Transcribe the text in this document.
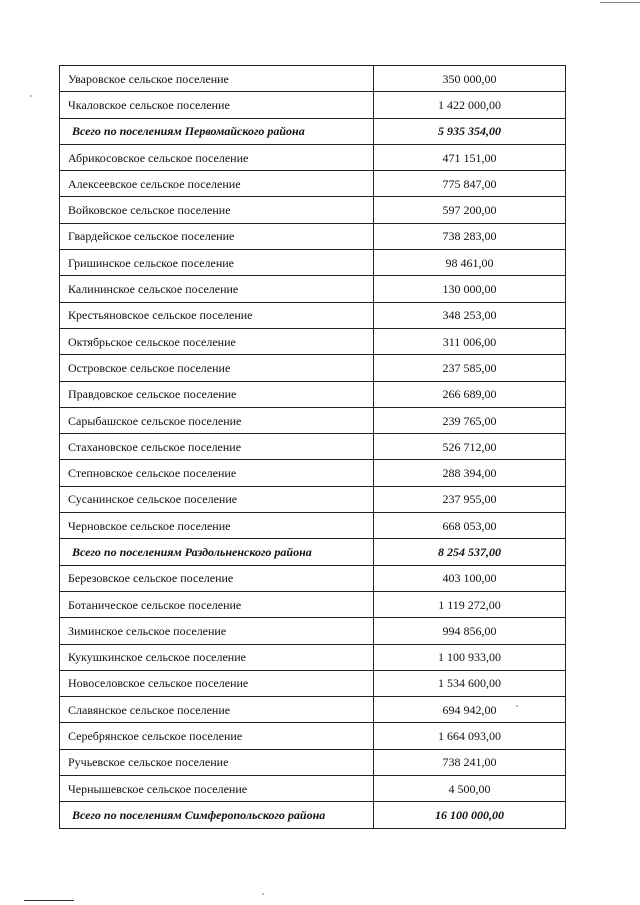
Уваровское сельское поселение	350 000,00
Чкаловское сельское поселение	1 422 000,00
Всего по поселениям Первомайского района	5 935 354,00
Абрикосовское сельское поселение	471 151,00
Алексеевское сельское поселение	775 847,00
Войковское сельское поселение	597 200,00
Гвардейское сельское поселение	738 283,00
Гришинское сельское поселение	98 461,00
Калининское сельское поселение	130 000,00
Крестьяновское сельское поселение	348 253,00
Октябрьское сельское поселение	311 006,00
Островское сельское поселение	237 585,00
Правдовское сельское поселение	266 689,00
Сарыбашское сельское поселение	239 765,00
Стахановское сельское поселение	526 712,00
Степновское сельское поселение	288 394,00
Сусанинское сельское поселение	237 955,00
Черновское сельское поселение	668 053,00
Всего по поселениям Раздольненского района	8 254 537,00
Березовское сельское поселение	403 100,00
Ботаническое сельское поселение	1 119 272,00
Зиминское сельское поселение	994 856,00
Кукушкинское сельское поселение	1 100 933,00
Новоселовское сельское поселение	1 534 600,00
Славянское сельское поселение	694 942,00
Серебрянское сельское поселение	1 664 093,00
Ручьевское сельское поселение	738 241,00
Чернышевское сельское поселение	4 500,00
Всего по поселениям Симферопольского района	16 100 000,00
